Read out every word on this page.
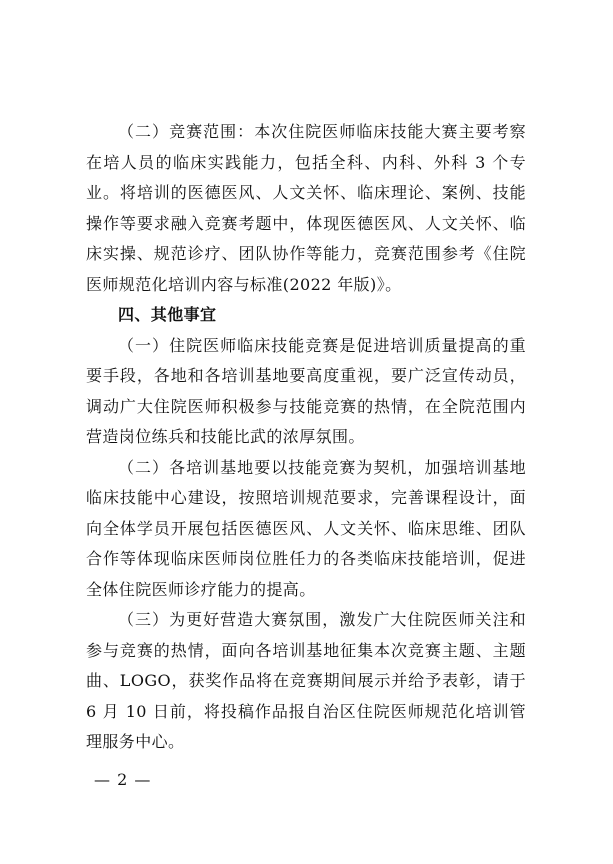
（二）竞赛范围：本次住院医师临床技能大赛主要考察在培人员的临床实践能力，包括全科、内科、外科 3 个专业。将培训的医德医风、人文关怀、临床理论、案例、技能操作等要求融入竞赛考题中，体现医德医风、人文关怀、临床实操、规范诊疗、团队协作等能力，竞赛范围参考《住院医师规范化培训内容与标准(2022 年版)》。

四、其他事宜

（一）住院医师临床技能竞赛是促进培训质量提高的重要手段，各地和各培训基地要高度重视，要广泛宣传动员，调动广大住院医师积极参与技能竞赛的热情，在全院范围内营造岗位练兵和技能比武的浓厚氛围。

（二）各培训基地要以技能竞赛为契机，加强培训基地临床技能中心建设，按照培训规范要求，完善课程设计，面向全体学员开展包括医德医风、人文关怀、临床思维、团队合作等体现临床医师岗位胜任力的各类临床技能培训，促进全体住院医师诊疗能力的提高。

（三）为更好营造大赛氛围，激发广大住院医师关注和参与竞赛的热情，面向各培训基地征集本次竞赛主题、主题曲、LOGO，获奖作品将在竞赛期间展示并给予表彰，请于 6 月 10 日前，将投稿作品报自治区住院医师规范化培训管理服务中心。

— 2 —
